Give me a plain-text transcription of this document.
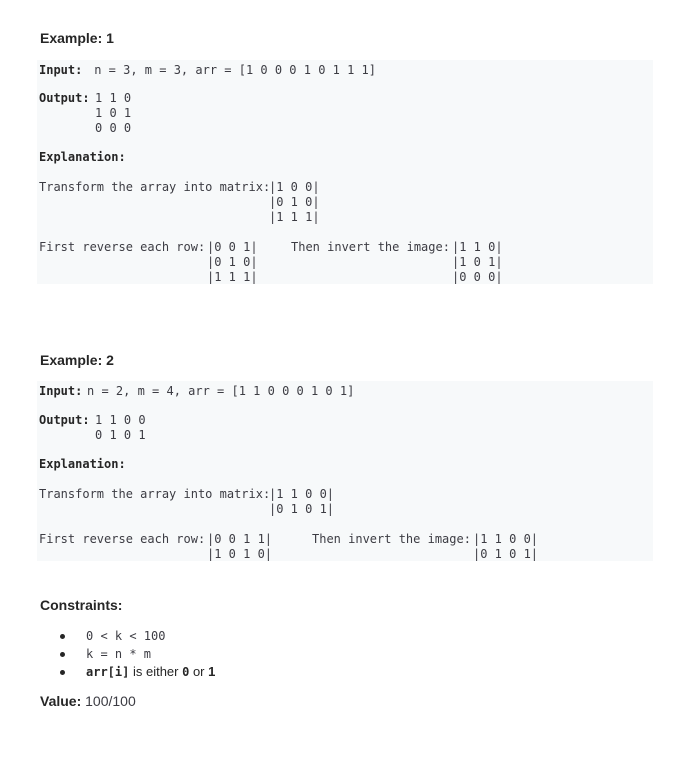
Example: 1
Input: n = 3, m = 3, arr = [1 0 0 0 1 0 1 1 1]
Output: 1 1 0
1 0 1
0 0 0
Explanation:
Transform the array into matrix:
|1 0 0|
|0 1 0|
|1 1 1|
First reverse each row: |0 0 1|
|0 1 0|
|1 1 1|
Then invert the image: |1 1 0|
|1 0 1|
|0 0 0|
Example: 2
Input: n = 2, m = 4, arr = [1 1 0 0 0 1 0 1]
Output: 1 1 0 0
0 1 0 1
Explanation:
Transform the array into matrix:
|1 1 0 0|
|0 1 0 1|
First reverse each row: |0 0 1 1|
|1 0 1 0|
Then invert the image: |1 1 0 0|
|0 1 0 1|
Constraints:
0 < k < 100
k = n * m
arr[i] is either 0 or 1
Value: 100/100
